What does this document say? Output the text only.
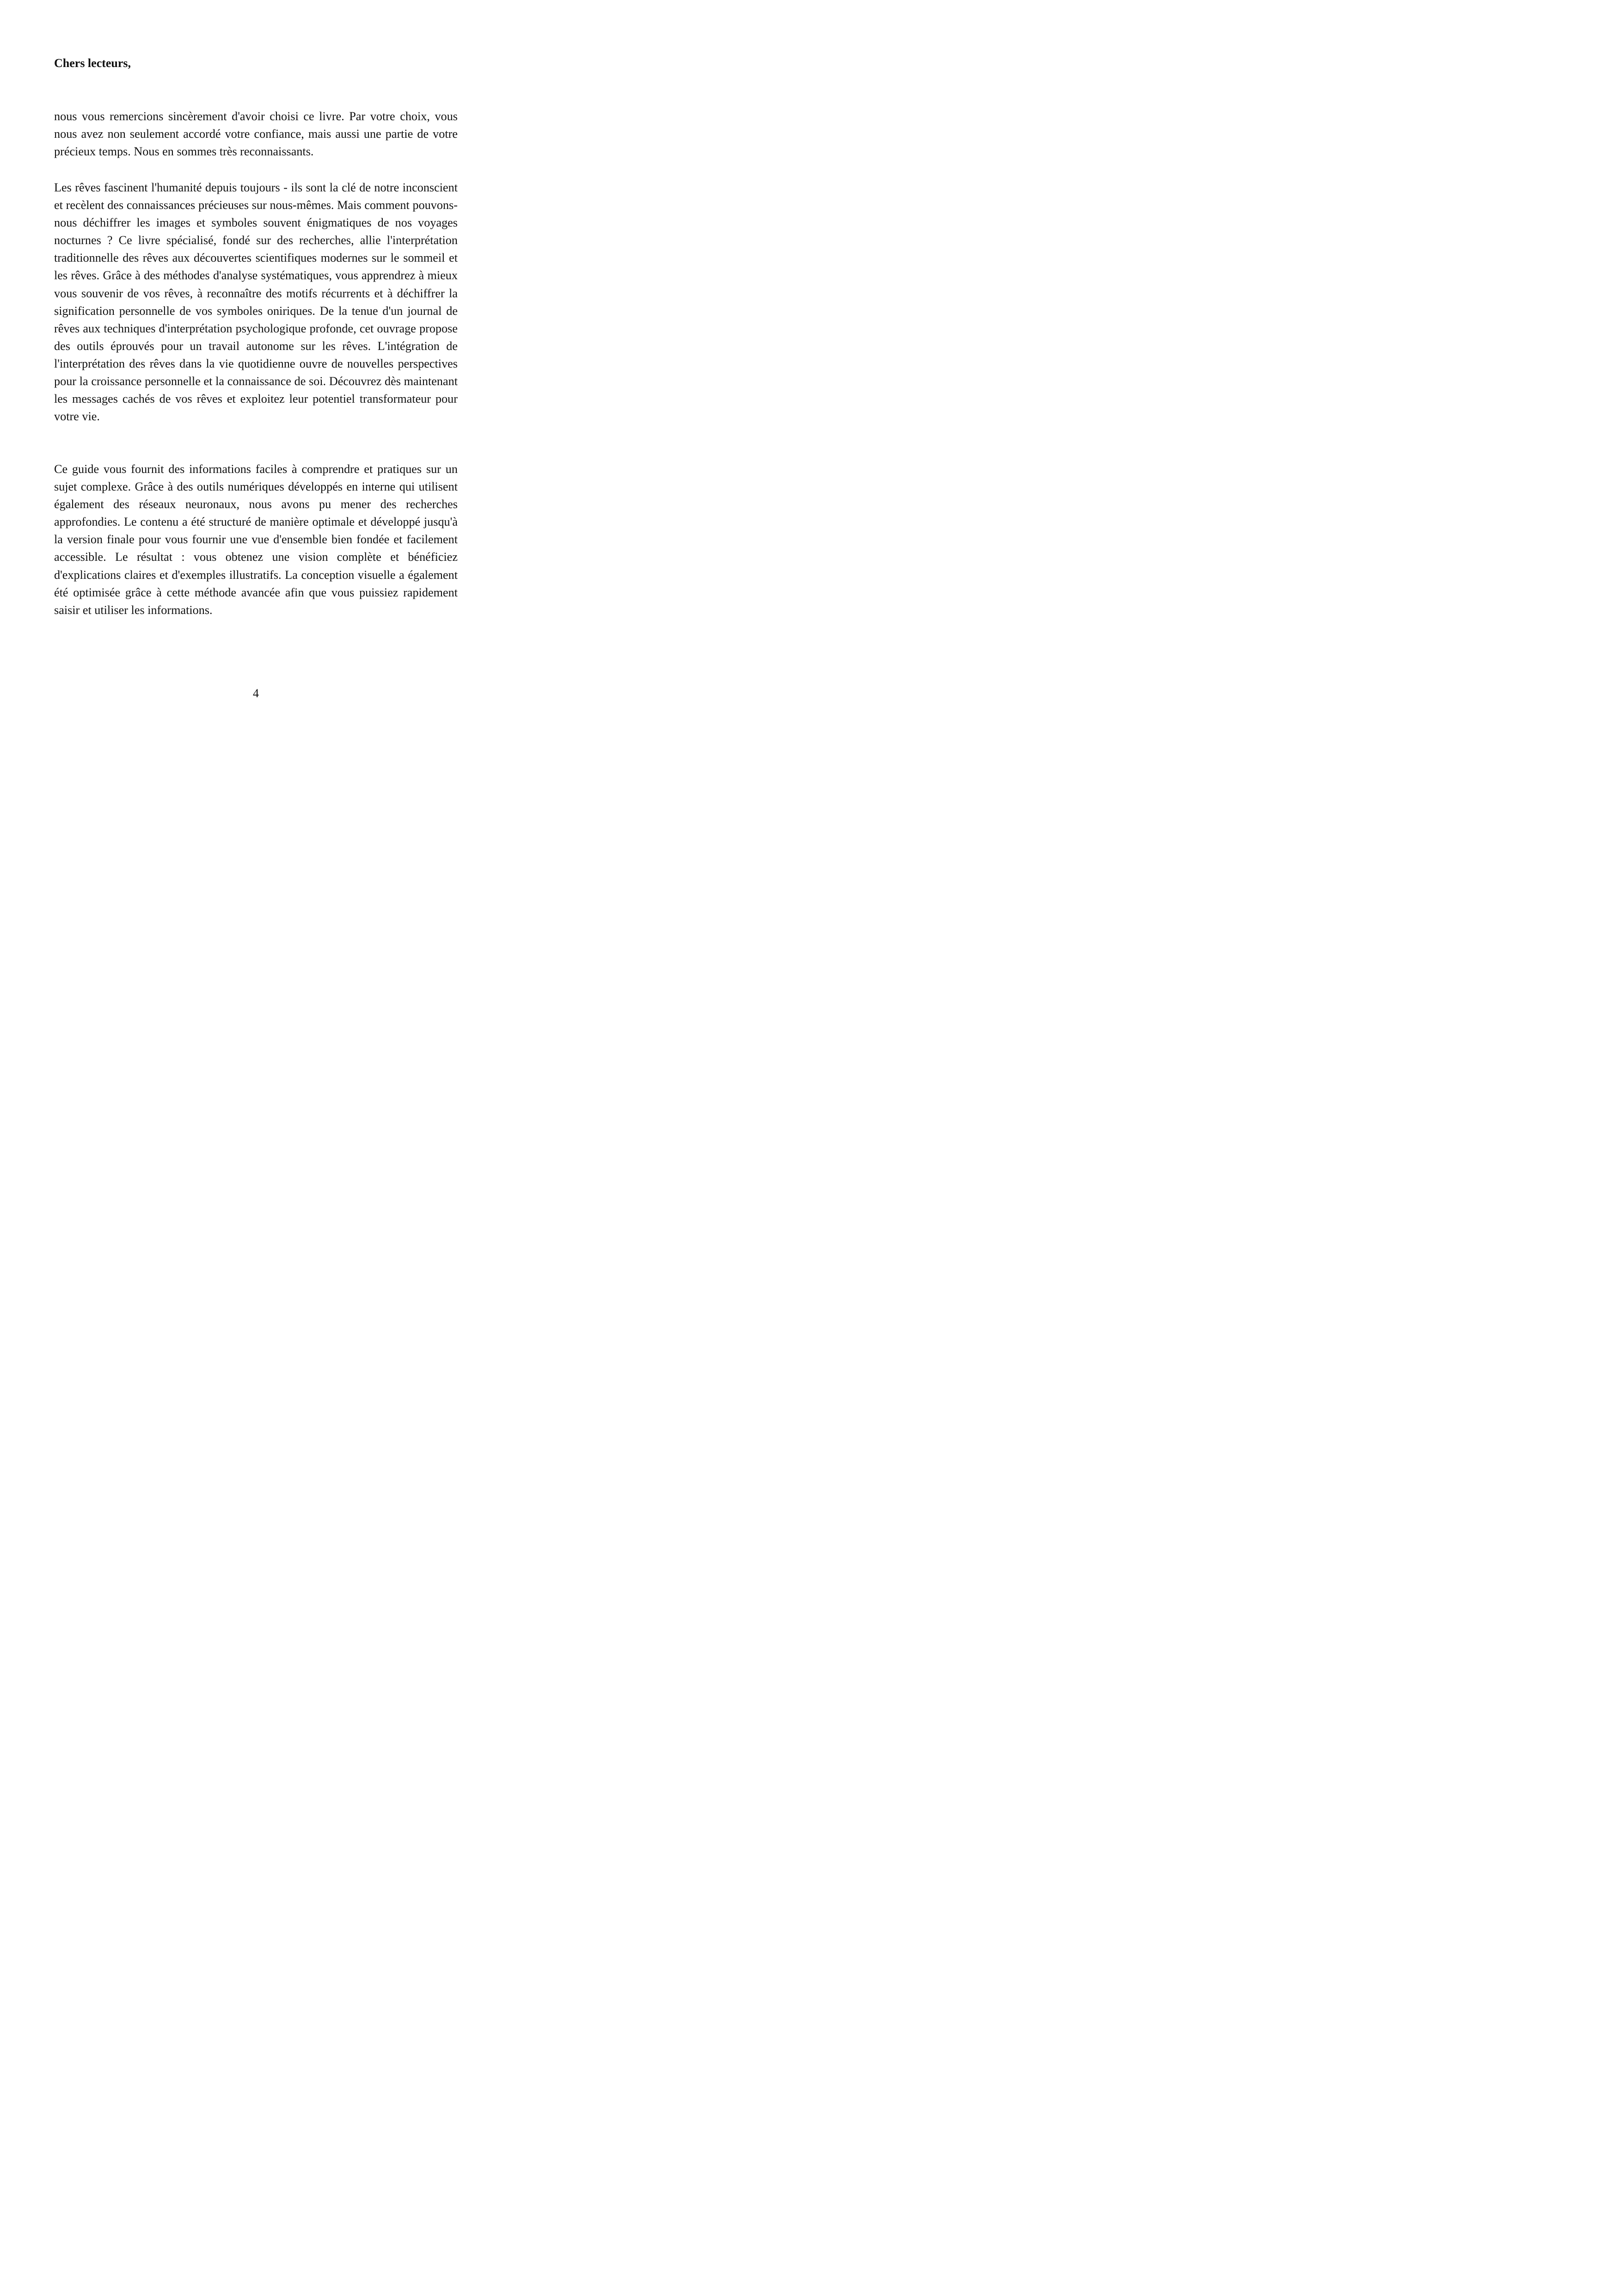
Chers lecteurs,

nous vous remercions sincèrement d'avoir choisi ce livre. Par votre choix, vous nous avez non seulement accordé votre confiance, mais aussi une partie de votre précieux temps. Nous en sommes très reconnaissants.

Les rêves fascinent l'humanité depuis toujours - ils sont la clé de notre inconscient et recèlent des connaissances précieuses sur nous-mêmes. Mais comment pouvons-nous déchiffrer les images et symboles souvent énigmatiques de nos voyages nocturnes ? Ce livre spécialisé, fondé sur des recherches, allie l'interprétation traditionnelle des rêves aux découvertes scientifiques modernes sur le sommeil et les rêves. Grâce à des méthodes d'analyse systématiques, vous apprendrez à mieux vous souvenir de vos rêves, à reconnaître des motifs récurrents et à déchiffrer la signification personnelle de vos symboles oniriques. De la tenue d'un journal de rêves aux techniques d'interprétation psychologique profonde, cet ouvrage propose des outils éprouvés pour un travail autonome sur les rêves. L'intégration de l'interprétation des rêves dans la vie quotidienne ouvre de nouvelles perspectives pour la croissance personnelle et la connaissance de soi. Découvrez dès maintenant les messages cachés de vos rêves et exploitez leur potentiel transformateur pour votre vie.

Ce guide vous fournit des informations faciles à comprendre et pratiques sur un sujet complexe. Grâce à des outils numériques développés en interne qui utilisent également des réseaux neuronaux, nous avons pu mener des recherches approfondies. Le contenu a été structuré de manière optimale et développé jusqu'à la version finale pour vous fournir une vue d'ensemble bien fondée et facilement accessible. Le résultat : vous obtenez une vision complète et bénéficiez d'explications claires et d'exemples illustratifs. La conception visuelle a également été optimisée grâce à cette méthode avancée afin que vous puissiez rapidement saisir et utiliser les informations.

4
